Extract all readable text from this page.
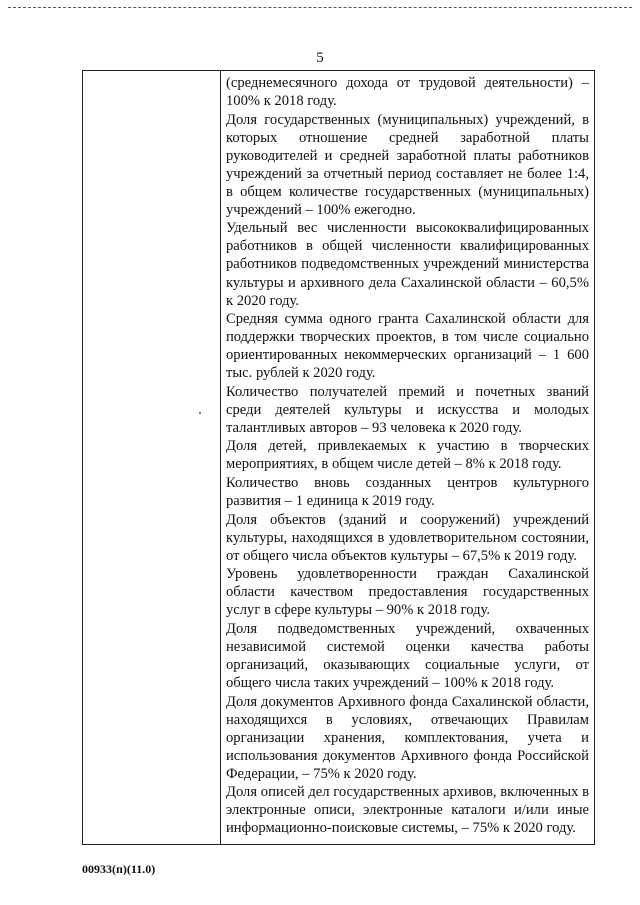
5

(среднемесячного дохода от трудовой деятельности) – 100% к 2018 году.

Доля государственных (муниципальных) учреждений, в которых отношение средней заработной платы руководителей и средней заработной платы работников учреждений за отчетный период составляет не более 1:4, в общем количестве государственных (муниципальных) учреждений – 100% ежегодно.

Удельный вес численности высококвалифицированных работников в общей численности квалифицированных работников подведомственных учреждений министерства культуры и архивного дела Сахалинской области – 60,5% к 2020 году.

Средняя сумма одного гранта Сахалинской области для поддержки творческих проектов, в том числе социально ориентированных некоммерческих организаций – 1 600 тыс. рублей к 2020 году.

Количество получателей премий и почетных званий среди деятелей культуры и искусства и молодых талантливых авторов – 93 человека к 2020 году.

Доля детей, привлекаемых к участию в творческих мероприятиях, в общем числе детей – 8% к 2018 году.

Количество вновь созданных центров культурного развития – 1 единица к 2019 году.

Доля объектов (зданий и сооружений) учреждений культуры, находящихся в удовлетворительном состоянии, от общего числа объектов культуры – 67,5% к 2019 году.

Уровень удовлетворенности граждан Сахалинской области качеством предоставления государственных услуг в сфере культуры – 90% к 2018 году.

Доля подведомственных учреждений, охваченных независимой системой оценки качества работы организаций, оказывающих социальные услуги, от общего числа таких учреждений – 100% к 2018 году.

Доля документов Архивного фонда Сахалинской области, находящихся в условиях, отвечающих Правилам организации хранения, комплектования, учета и использования документов Архивного фонда Российской Федерации, – 75% к 2020 году.

Доля описей дел государственных архивов, включенных в электронные описи, электронные каталоги и/или иные информационно-поисковые системы, – 75% к 2020 году.

00933(п)(11.0)
